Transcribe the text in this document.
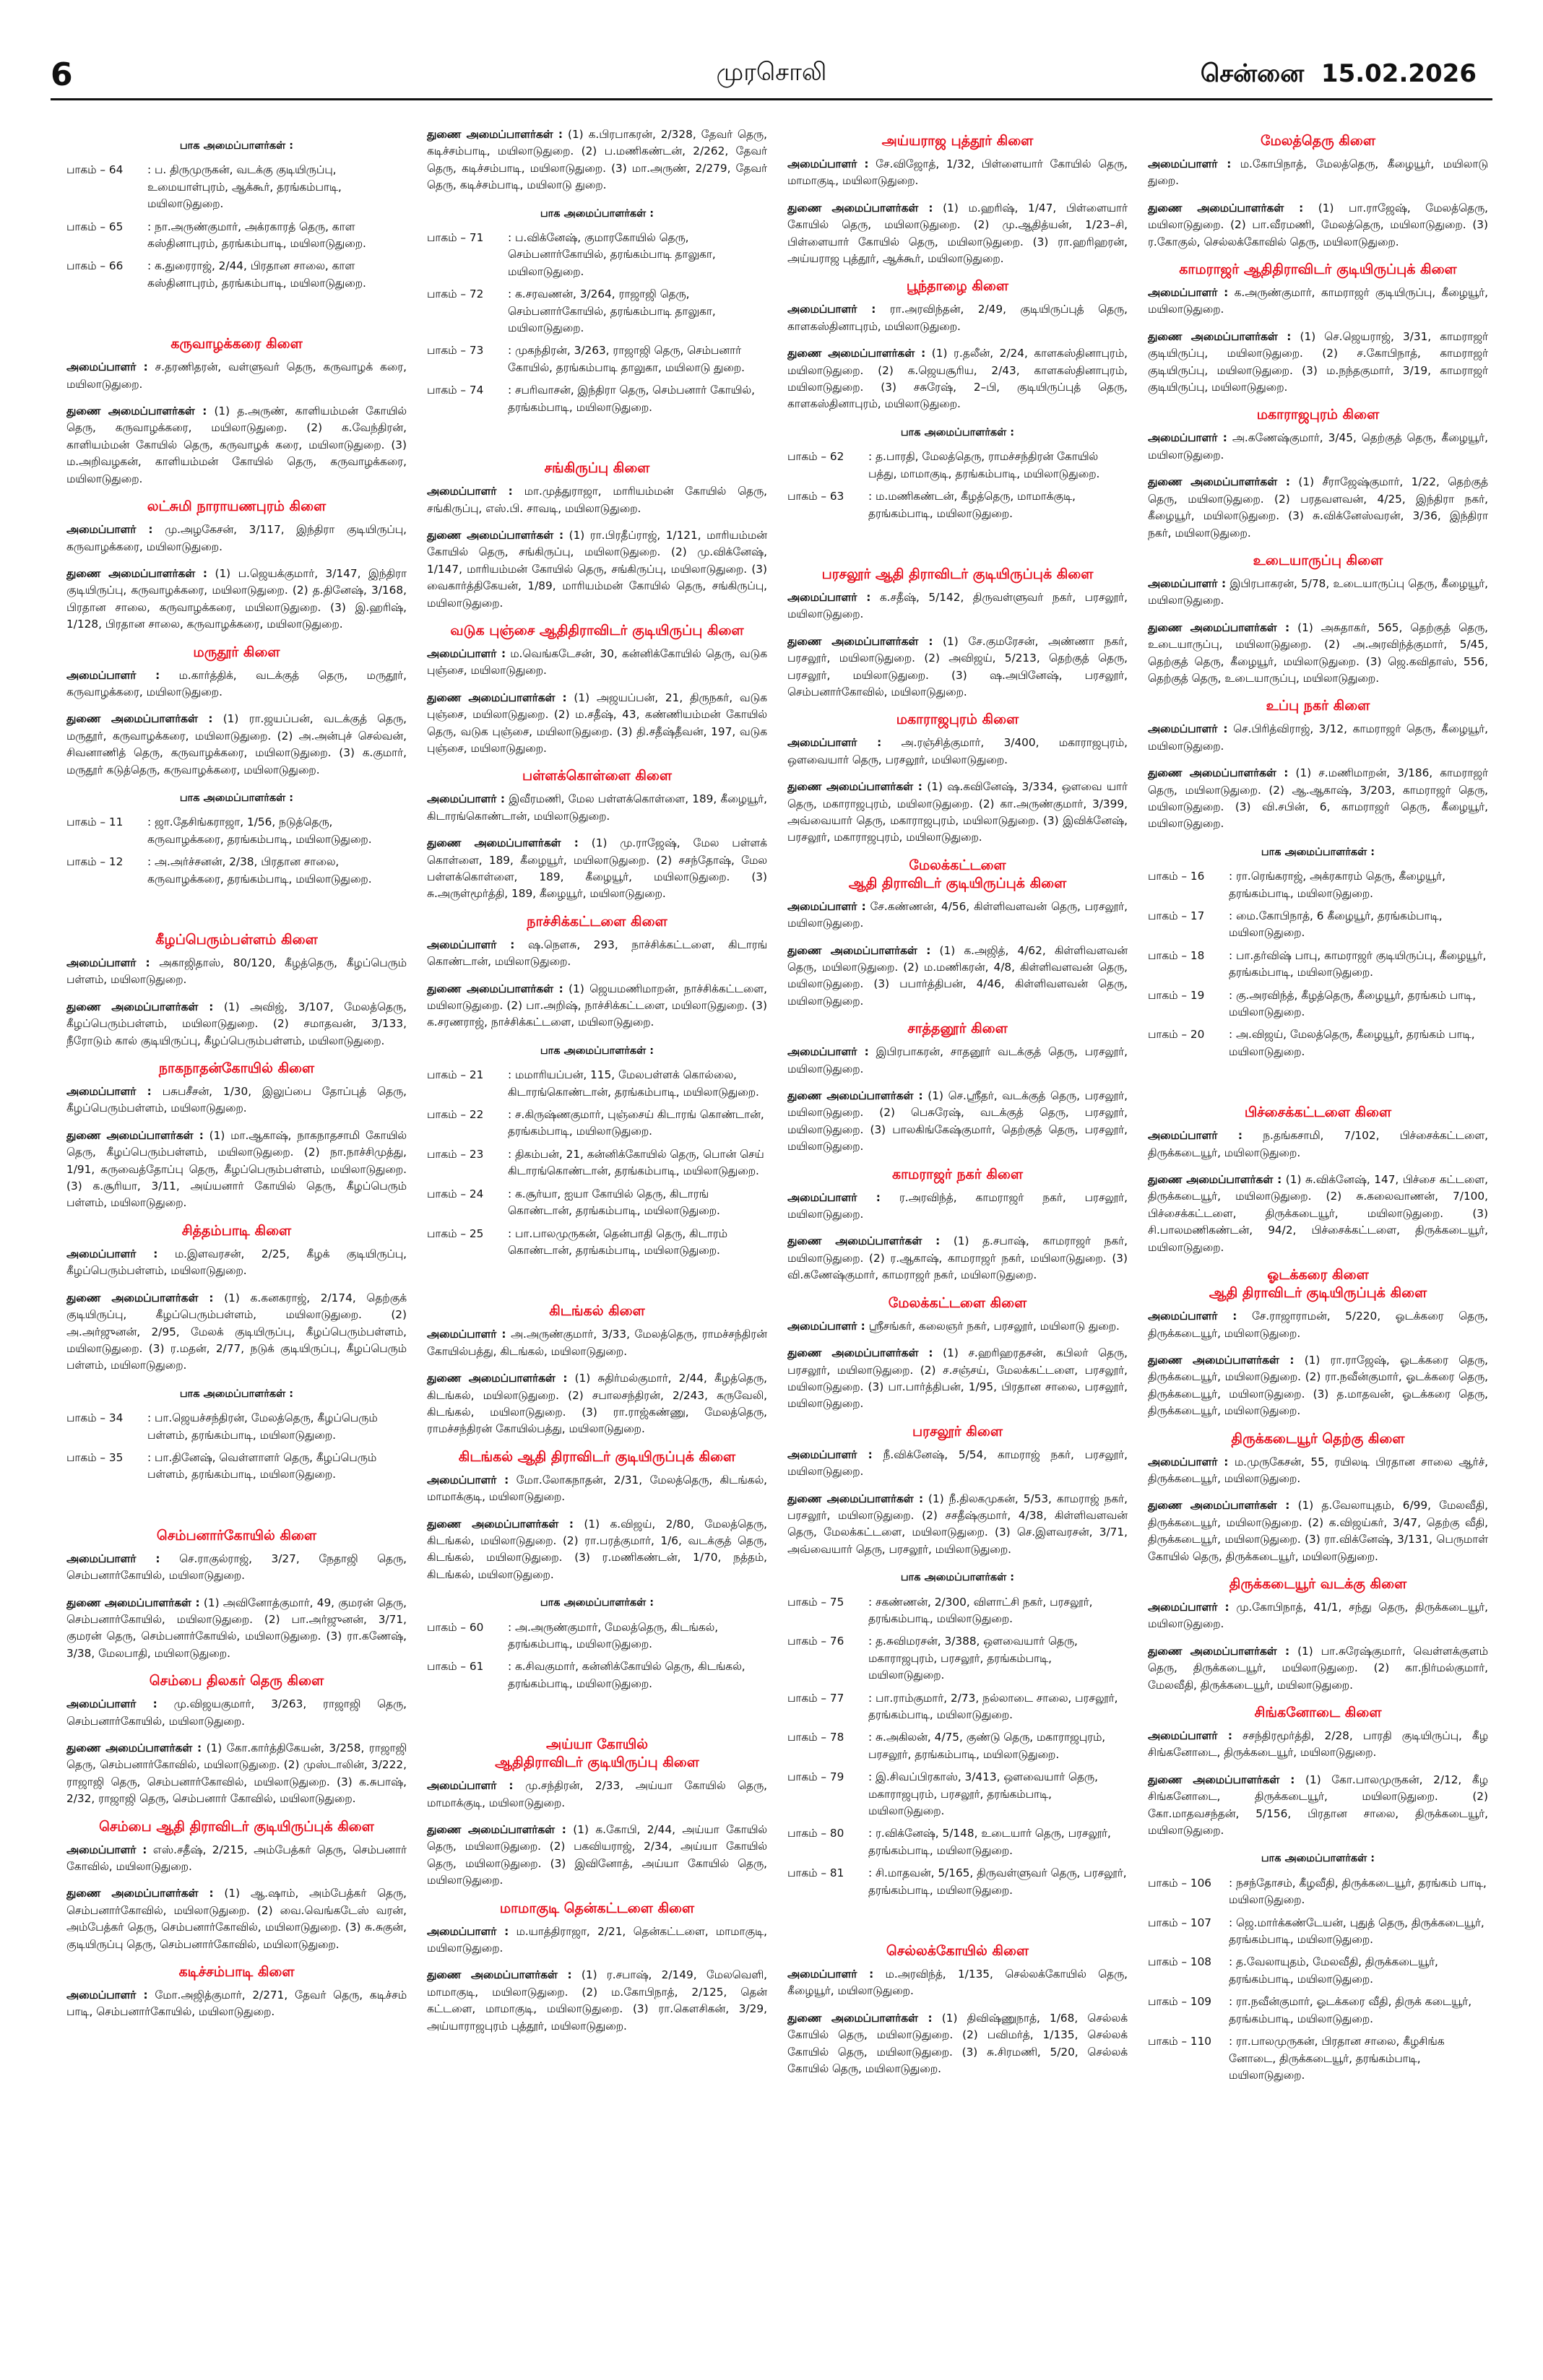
6	முரசொலி	சென்னை 15.02.2026
பாக அமைப்பாளர்கள் :
பாகம் – 64	: ப. திருமுருகன், வடக்கு குடியிருப்பு, உமையாள்புரம், ஆக்கூர், தரங்கம்பாடி, மயிலாடுதுறை.
பாகம் – 65	: நா.அருண்குமார், அக்ரகாரத் தெரு, காள கஸ்தினாபுரம், தரங்கம்பாடி, மயிலாடுதுறை.
பாகம் – 66	: க.துரைராஜ், 2/44, பிரதான சாலை, காள கஸ்தினாபுரம், தரங்கம்பாடி, மயிலாடுதுறை.
கருவாழக்கரை கிளை
அமைப்பாளர் : ச.தரணிதரன், வள்ளுவர் தெரு, கருவாழக் கரை, மயிலாடுதுறை.
துணை அமைப்பாளர்கள் : (1) த.அருண், காளியம்மன் கோயில் தெரு, கருவாழக்கரை, மயிலாடுதுறை. (2) க.வேந்திரன், காளியம்மன் கோயில் தெரு, கருவாழக் கரை, மயிலாடுதுறை. (3) ம.அறிவழகன், காளியம்மன் கோயில் தெரு, கருவாழக்கரை, மயிலாடுதுறை.
லட்சுமி நாராயணபுரம் கிளை
அமைப்பாளர் : மு.அழகேசன், 3/117, இந்திரா குடியிருப்பு, கருவாழக்கரை, மயிலாடுதுறை.
துணை அமைப்பாளர்கள் : (1) ப.ஜெயக்குமார், 3/147, இந்திரா குடியிருப்பு, கருவாழக்கரை, மயிலாடுதுறை. (2) த.தினேஷ், 3/168, பிரதான சாலை, கருவாழக்கரை, மயிலாடுதுறை. (3) இ.ஹரிஷ், 1/128, பிரதான சாலை, கருவாழக்கரை, மயிலாடுதுறை.
மருதூர் கிளை
அமைப்பாளர் : ம.கார்த்திக், வடக்குத் தெரு, மருதூர், கருவாழக்கரை, மயிலாடுதுறை.
துணை அமைப்பாளர்கள் : (1) ரா.ஜயப்பன், வடக்குத் தெரு, மருதூர், கருவாழக்கரை, மயிலாடுதுறை. (2) அ.அன்புச் செல்வன், சிவனாணித் தெரு, கருவாழக்கரை, மயிலாடுதுறை. (3) க.குமார், மருதூர் கடுத்தெரு, கருவாழக்கரை, மயிலாடுதுறை.
பாக அமைப்பாளர்கள் :
பாகம் – 11	: ஜா.தேசிங்கராஜா, 1/56, நடுத்தெரு, கருவாழக்கரை, தரங்கம்பாடி, மயிலாடுதுறை.
பாகம் – 12	: அ.அர்ச்சனன், 2/38, பிரதான சாலை, கருவாழக்கரை, தரங்கம்பாடி, மயிலாடுதுறை.
கீழப்பெரும்பள்ளம் கிளை
அமைப்பாளர் : அகாஜிதாஸ், 80/120, கீழத்தெரு, கீழப்பெரும் பள்ளம், மயிலாடுதுறை.
துணை அமைப்பாளர்கள் : (1) அவிஜ், 3/107, மேலத்தெரு, கீழப்பெரும்பள்ளம், மயிலாடுதுறை. (2) சமாதவன், 3/133, நீரோடும் கால் குடியிருப்பு, கீழப்பெரும்பள்ளம், மயிலாடுதுறை.
நாகநாதன்கோயில் கிளை
அமைப்பாளர் : பசுபசீசன், 1/30, இலுப்பை தோப்புத் தெரு, கீழப்பெரும்பள்ளம், மயிலாடுதுறை.
துணை அமைப்பாளர்கள் : (1) மா.ஆகாஷ், நாகநாதசாமி கோயில் தெரு, கீழப்பெரும்பள்ளம், மயிலாடுதுறை. (2) நா.நாச்சிமுத்து, 1/91, கருவைத்தோப்பு தெரு, கீழப்பெரும்பள்ளம், மயிலாடுதுறை. (3) க.சூரியா, 3/11, அய்யனார் கோயில் தெரு, கீழப்பெரும் பள்ளம், மயிலாடுதுறை.
சித்தம்பாடி கிளை
அமைப்பாளர் : ம.இளவரசன், 2/25, கீழக் குடியிருப்பு, கீழப்பெரும்பள்ளம், மயிலாடுதுறை.
துணை அமைப்பாளர்கள் : (1) க.கனகராஜ், 2/174, தெற்குக் குடியிருப்பு, கீழப்பெரும்பள்ளம், மயிலாடுதுறை. (2) அ.அர்ஜுனன், 2/95, மேலக் குடியிருப்பு, கீழப்பெரும்பள்ளம், மயிலாடுதுறை. (3) ர.மதன், 2/77, நடுக் குடியிருப்பு, கீழப்பெரும் பள்ளம், மயிலாடுதுறை.
பாக அமைப்பாளர்கள் :
பாகம் – 34	: பா.ஜெயச்சந்திரன், மேலத்தெரு, கீழப்பெரும் பள்ளம், தரங்கம்பாடி, மயிலாடுதுறை.
பாகம் – 35	: பா.தினேஷ், வெள்ளாளர் தெரு, கீழப்பெரும் பள்ளம், தரங்கம்பாடி, மயிலாடுதுறை.
செம்பனார்கோயில் கிளை
அமைப்பாளர் : செ.ராகுல்ராஜ், 3/27, நேதாஜி தெரு, செம்பனார்கோயில், மயிலாடுதுறை.
துணை அமைப்பாளர்கள் : (1) அவினோத்குமார், 49, குமரன் தெரு, செம்பனார்கோயில், மயிலாடுதுறை. (2) பா.அர்ஜுனன், 3/71, குமரன் தெரு, செம்பனார்கோயில், மயிலாடுதுறை. (3) ரா.கணேஷ், 3/38, மேலபாதி, மயிலாடுதுறை.
செம்பை திலகர் தெரு கிளை
அமைப்பாளர் : மு.விஜயகுமார், 3/263, ராஜாஜி தெரு, செம்பனார்கோயில், மயிலாடுதுறை.
துணை அமைப்பாளர்கள் : (1) கோ.கார்த்திகேயன், 3/258, ராஜாஜி தெரு, செம்பனார்கோவில், மயிலாடுதுறை. (2) முஸ்டாலின், 3/222, ராஜாஜி தெரு, செம்பனார்கோவில், மயிலாடுதுறை. (3) க.சுபாஷ், 2/32, ராஜாஜி தெரு, செம்பனார் கோவில், மயிலாடுதுறை.
செம்பை ஆதி திராவிடர் குடியிருப்புக் கிளை
அமைப்பாளர் : எஸ்.சதீஷ், 2/215, அம்பேத்கர் தெரு, செம்பனார் கோவில், மயிலாடுதுறை.
துணை அமைப்பாளர்கள் : (1) ஆ.ஷாம், அம்பேத்கர் தெரு, செம்பனார்கோவில், மயிலாடுதுறை. (2) வை.வெங்கடேஸ் வரன், அம்பேத்கர் தெரு, செம்பனார்கோவில், மயிலாடுதுறை. (3) சு.சுகுன், குடியிருப்பு தெரு, செம்பனார்கோவில், மயிலாடுதுறை.
கடிச்சம்பாடி கிளை
அமைப்பாளர் : மோ.அஜித்குமார், 2/271, தேவர் தெரு, கடிச்சம் பாடி, செம்பனார்கோயில், மயிலாடுதுறை.
துணை அமைப்பாளர்கள் : (1) க.பிரபாகரன், 2/328, தேவர் தெரு, கடிச்சம்பாடி, மயிலாடுதுறை. (2) ப.மணிகண்டன், 2/262, தேவர் தெரு, கடிச்சம்பாடி, மயிலாடுதுறை. (3) மா.அருண், 2/279, தேவர் தெரு, கடிச்சம்பாடி, மயிலாடு துறை.
பாக அமைப்பாளர்கள் :
பாகம் – 71	: ப.விக்னேஷ், குமாரகோயில் தெரு, செம்பனார்கோயில், தரங்கம்பாடி தாலுகா, மயிலாடுதுறை.
பாகம் – 72	: க.சரவணன், 3/264, ராஜாஜி தெரு, செம்பனார்கோயில், தரங்கம்பாடி தாலுகா, மயிலாடுதுறை.
பாகம் – 73	: முகந்திரன், 3/263, ராஜாஜி தெரு, செம்பனார் கோயில், தரங்கம்பாடி தாலுகா, மயிலாடு துறை.
பாகம் – 74	: சபரிவாசன், இந்திரா தெரு, செம்பனார் கோயில், தரங்கம்பாடி, மயிலாடுதுறை.
சங்கிருப்பு கிளை
அமைப்பாளர் : மா.முத்துராஜா, மாரியம்மன் கோயில் தெரு, சங்கிருப்பு, எஸ்.பி. சாவடி, மயிலாடுதுறை.
துணை அமைப்பாளர்கள் : (1) ரா.பிரதீப்ராஜ், 1/121, மாரியம்மன் கோயில் தெரு, சங்கிருப்பு, மயிலாடுதுறை. (2) மு.விக்னேஷ், 1/147, மாரியம்மன் கோயில் தெரு, சங்கிருப்பு, மயிலாடுதுறை. (3) வைகார்த்திகேயன், 1/89, மாரியம்மன் கோயில் தெரு, சங்கிருப்பு, மயிலாடுதுறை.
வடுக புஞ்சை ஆதிதிராவிடர் குடியிருப்பு கிளை
அமைப்பாளர் : ம.வெங்கடேசன், 30, கன்னிக்கோயில் தெரு, வடுக புஞ்சை, மயிலாடுதுறை.
துணை அமைப்பாளர்கள் : (1) அஜயப்பன், 21, திருநகர், வடுக புஞ்சை, மயிலாடுதுறை. (2) ம.சதீஷ், 43, கண்ணியம்மன் கோயில் தெரு, வடுக புஞ்சை, மயிலாடுதுறை. (3) தி.சதீஷ்தீவன், 197, வடுக புஞ்சை, மயிலாடுதுறை.
பள்ளக்கொள்ளை கிளை
அமைப்பாளர் : இவீரமணி, மேல பள்ளக்கொள்ளை, 189, கீழையூர், கிடாரங்கொண்டான், மயிலாடுதுறை.
துணை அமைப்பாளர்கள் : (1) மு.ராஜேஷ், மேல பள்ளக் கொள்ளை, 189, கீழையூர், மயிலாடுதுறை. (2) சசந்தோஷ், மேல பள்ளக்கொள்ளை, 189, கீழையூர், மயிலாடுதுறை. (3) சு.அருள்மூர்த்தி, 189, கீழையூர், மயிலாடுதுறை.
நாச்சிக்கட்டளை கிளை
அமைப்பாளர் : ஷ.நெளசு, 293, நாச்சிக்கட்டளை, கிடாரங் கொண்டான், மயிலாடுதுறை.
துணை அமைப்பாளர்கள் : (1) ஜெயமணிமாறன், நாச்சிக்கட்டளை, மயிலாடுதுறை. (2) பா.அறிஷ், நாச்சிக்கட்டளை, மயிலாடுதுறை. (3) க.சரணராஜ், நாச்சிக்கட்டளை, மயிலாடுதுறை.
பாக அமைப்பாளர்கள் :
பாகம் – 21	: மமாரியப்பன், 115, மேலபள்ளக் கொல்லை, கிடாரங்கொண்டான், தரங்கம்பாடி, மயிலாடுதுறை.
பாகம் – 22	: ச.கிருஷ்ணகுமார், புஞ்சைய் கிடாரங் கொண்டான், தரங்கம்பாடி, மயிலாடுதுறை.
பாகம் – 23	: திகம்பன், 21, கன்னிக்கோயில் தெரு, பொன் செய் கிடாரங்கொண்டான், தரங்கம்பாடி, மயிலாடுதுறை.
பாகம் – 24	: க.சூர்யா, ஐயா கோயில் தெரு, கிடாரங் கொண்டான், தரங்கம்பாடி, மயிலாடுதுறை.
பாகம் – 25	: பா.பாலமுருகன், தென்பாதி தெரு, கிடாரம் கொண்டான், தரங்கம்பாடி, மயிலாடுதுறை.
கிடங்கல் கிளை
அமைப்பாளர் : அ.அருண்குமார், 3/33, மேலத்தெரு, ராமச்சந்திரன் கோயில்பத்து, கிடங்கல், மயிலாடுதுறை.
துணை அமைப்பாளர்கள் : (1) சுதிர்மல்குமார், 2/44, கீழத்தெரு, கிடங்கல், மயிலாடுதுறை. (2) சபாலசந்திரன், 2/243, கருவேலி, கிடங்கல், மயிலாடுதுறை. (3) ரா.ராஜ்கண்ணு, மேலத்தெரு, ராமச்சந்திரன் கோயில்பத்து, மயிலாடுதுறை.
கிடங்கல் ஆதி திராவிடர் குடியிருப்புக் கிளை
அமைப்பாளர் : மோ.லோகநாதன், 2/31, மேலத்தெரு, கிடங்கல், மாமாக்குடி, மயிலாடுதுறை.
துணை அமைப்பாளர்கள் : (1) க.விஜய், 2/80, மேலத்தெரு, கிடங்கல், மயிலாடுதுறை. (2) ரா.பரத்குமார், 1/6, வடக்குத் தெரு, கிடங்கல், மயிலாடுதுறை. (3) ர.மணிகண்டன், 1/70, நத்தம், கிடங்கல், மயிலாடுதுறை.
பாக அமைப்பாளர்கள் :
பாகம் – 60	: அ.அருண்குமார், மேலத்தெரு, கிடங்கல், தரங்கம்பாடி, மயிலாடுதுறை.
பாகம் – 61	: க.சிவகுமார், கன்னிக்கோயில் தெரு, கிடங்கல், தரங்கம்பாடி, மயிலாடுதுறை.
அய்யா கோயில்
ஆதிதிராவிடர் குடியிருப்பு கிளை
அமைப்பாளர் : மு.சந்திரன், 2/33, அய்யா கோயில் தெரு, மாமாக்குடி, மயிலாடுதுறை.
துணை அமைப்பாளர்கள் : (1) க.கோபி, 2/44, அய்யா கோயில் தெரு, மயிலாடுதுறை. (2) பகவியராஜ், 2/34, அய்யா கோயில் தெரு, மயிலாடுதுறை. (3) இவினோத், அய்யா கோயில் தெரு, மயிலாடுதுறை.
மாமாகுடி தென்கட்டளை கிளை
அமைப்பாளர் : ம.யாத்திராஜா, 2/21, தென்கட்டளை, மாமாகுடி, மயிலாடுதுறை.
துணை அமைப்பாளர்கள் : (1) ர.சபாஷ், 2/149, மேலவெளி, மாமாகுடி, மயிலாடுதுறை. (2) ம.கோபிநாத், 2/125, தென் கட்டளை, மாமாகுடி, மயிலாடுதுறை. (3) ரா.கௌசிகன், 3/29, அய்யாராஜபுரம் புத்தூர், மயிலாடுதுறை.
அய்யராஜ புத்தூர் கிளை
அமைப்பாளர் : சே.விஜோத், 1/32, பிள்ளையார் கோயில் தெரு, மாமாகுடி, மயிலாடுதுறை.
துணை அமைப்பாளர்கள் : (1) ம.ஹரிஷ், 1/47, பிள்ளையார் கோயில் தெரு, மயிலாடுதுறை. (2) மு.ஆதித்யன், 1/23–சி, பிள்ளையார் கோயில் தெரு, மயிலாடுதுறை. (3) ரா.ஹரிஹரன், அய்யராஜ புத்தூர், ஆக்கூர், மயிலாடுதுறை.
பூந்தாழை கிளை
அமைப்பாளர் : ரா.அரவிந்தன், 2/49, குடியிருப்புத் தெரு, காளகஸ்தினாபுரம், மயிலாடுதுறை.
துணை அமைப்பாளர்கள் : (1) ர.தலீன், 2/24, காளகஸ்தினாபுரம், மயிலாடுதுறை. (2) க.ஜெயசூரிய, 2/43, காளகஸ்தினாபுரம், மயிலாடுதுறை. (3) சசுரேஷ், 2–பி, குடியிருப்புத் தெரு, காளகஸ்தினாபுரம், மயிலாடுதுறை.
பாக அமைப்பாளர்கள் :
பாகம் – 62	: த.பாரதி, மேலத்தெரு, ராமச்சந்திரன் கோயில் பத்து, மாமாகுடி, தரங்கம்பாடி, மயிலாடுதுறை.
பாகம் – 63	: ம.மணிகண்டன், கீழத்தெரு, மாமாக்குடி, தரங்கம்பாடி, மயிலாடுதுறை.
பரசலூர் ஆதி திராவிடர் குடியிருப்புக் கிளை
அமைப்பாளர் : க.சதீஷ், 5/142, திருவள்ளுவர் நகர், பரசலூர், மயிலாடுதுறை.
துணை அமைப்பாளர்கள் : (1) சே.குமரேசன், அண்ணா நகர், பரசலூர், மயிலாடுதுறை. (2) அவிஜய், 5/213, தெற்குத் தெரு, பரசலூர், மயிலாடுதுறை. (3) ஷ.அபினேஷ், பரசலூர், செம்பனார்கோவில், மயிலாடுதுறை.
மகாராஜபுரம் கிளை
அமைப்பாளர் : அ.ரஞ்சித்குமார், 3/400, மகாராஜபுரம், ஒளவையார் தெரு, பரசலூர், மயிலாடுதுறை.
துணை அமைப்பாளர்கள் : (1) ஷ.கவினேஷ், 3/334, ஒளவை யார் தெரு, மகாராஜபுரம், மயிலாடுதுறை. (2) கா.அருண்குமார், 3/399, அவ்வையார் தெரு, மகாராஜபுரம், மயிலாடுதுறை. (3) இவிக்னேஷ், பரசலூர், மகாராஜபுரம், மயிலாடுதுறை.
மேலக்கட்டளை
ஆதி திராவிடர் குடியிருப்புக் கிளை
அமைப்பாளர் : சே.கண்ணன், 4/56, கிள்ளிவளவன் தெரு, பரசலூர், மயிலாடுதுறை.
துணை அமைப்பாளர்கள் : (1) க.அஜித், 4/62, கிள்ளிவளவன் தெரு, மயிலாடுதுறை. (2) ம.மணிகரன், 4/8, கிள்ளிவளவன் தெரு, மயிலாடுதுறை. (3) பபார்த்திபன், 4/46, கிள்ளிவளவன் தெரு, மயிலாடுதுறை.
சாத்தனூர் கிளை
அமைப்பாளர் : இபிரபாகரன், சாதனூர் வடக்குத் தெரு, பரசலூர், மயிலாடுதுறை.
துணை அமைப்பாளர்கள் : (1) செ.ஸ்ரீதர், வடக்குத் தெரு, பரசலூர், மயிலாடுதுறை. (2) பெசுரேஷ், வடக்குத் தெரு, பரசலூர், மயிலாடுதுறை. (3) பாலகிங்கேஷ்குமார், தெற்குத் தெரு, பரசலூர், மயிலாடுதுறை.
காமராஜர் நகர் கிளை
அமைப்பாளர் : ர.அரவிந்த், காமராஜர் நகர், பரசலூர், மயிலாடுதுறை.
துணை அமைப்பாளர்கள் : (1) த.சபாஷ், காமராஜர் நகர், மயிலாடுதுறை. (2) ர.ஆகாஷ், காமராஜர் நகர், மயிலாடுதுறை. (3) வி.கணேஷ்குமார், காமராஜர் நகர், மயிலாடுதுறை.
மேலக்கட்டளை கிளை
அமைப்பாளர் : ஸ்ரீசங்கர், கலைஞர் நகர், பரசலூர், மயிலாடு துறை.
துணை அமைப்பாளர்கள் : (1) ச.ஹரிஹரதசன், கபிலர் தெரு, பரசலூர், மயிலாடுதுறை. (2) ச.சஞ்சய், மேலக்கட்டளை, பரசலூர், மயிலாடுதுறை. (3) பா.பார்த்திபன், 1/95, பிரதான சாலை, பரசலூர், மயிலாடுதுறை.
பரசலூர் கிளை
அமைப்பாளர் : நீ.விக்னேஷ், 5/54, காமராஜ் நகர், பரசலூர், மயிலாடுதுறை.
துணை அமைப்பாளர்கள் : (1) நீ.திலகமுகன், 5/53, காமராஜ் நகர், பரசலூர், மயிலாடுதுறை. (2) சசதீஷ்குமார், 4/38, கிள்ளிவளவன் தெரு, மேலக்கட்டளை, மயிலாடுதுறை. (3) செ.இளவரசன், 3/71, அவ்வையார் தெரு, பரசலூர், மயிலாடுதுறை.
பாக அமைப்பாளர்கள் :
பாகம் – 75	: சகண்ணன், 2/300, விளாட்சி நகர், பரசலூர், தரங்கம்பாடி, மயிலாடுதுறை.
பாகம் – 76	: த.சுவிமரசன், 3/388, ஒளவையார் தெரு, மகாராஜபுரம், பரசலூர், தரங்கம்பாடி, மயிலாடுதுறை.
பாகம் – 77	: பா.ராம்குமார், 2/73, நல்லாடை சாலை, பரசலூர், தரங்கம்பாடி, மயிலாடுதுறை.
பாகம் – 78	: சு.அகிலன், 4/75, குண்டு தெரு, மகாராஜபுரம், பரசலூர், தரங்கம்பாடி, மயிலாடுதுறை.
பாகம் – 79	: இ.சிவப்பிரகாஸ், 3/413, ஒளவையார் தெரு, மகாராஜபுரம், பரசலூர், தரங்கம்பாடி, மயிலாடுதுறை.
பாகம் – 80	: ர.விக்னேஷ், 5/148, உடையார் தெரு, பரசலூர், தரங்கம்பாடி, மயிலாடுதுறை.
பாகம் – 81	: சி.மாதவன், 5/165, திருவள்ளுவர் தெரு, பரசலூர், தரங்கம்பாடி, மயிலாடுதுறை.
செல்லக்கோயில் கிளை
அமைப்பாளர் : ம.அரவிந்த், 1/135, செல்லக்கோயில் தெரு, கீழையூர், மயிலாடுதுறை.
துணை அமைப்பாளர்கள் : (1) திவிஷ்ணுநாத், 1/68, செல்லக் கோயில் தெரு, மயிலாடுதுறை. (2) பவிமர்த், 1/135, செல்லக் கோயில் தெரு, மயிலாடுதுறை. (3) சு.சிரமணி, 5/20, செல்லக் கோயில் தெரு, மயிலாடுதுறை.
மேலத்தெரு கிளை
அமைப்பாளர் : ம.கோபிநாத், மேலத்தெரு, கீழையூர், மயிலாடு துறை.
துணை அமைப்பாளர்கள் : (1) பா.ராஜேஷ், மேலத்தெரு, மயிலாடுதுறை. (2) பா.வீரமணி, மேலத்தெரு, மயிலாடுதுறை. (3) ர.கோகுல், செல்லக்கோவில் தெரு, மயிலாடுதுறை.
காமராஜர் ஆதிதிராவிடர் குடியிருப்புக் கிளை
அமைப்பாளர் : க.அருண்குமார், காமராஜர் குடியிருப்பு, கீழையூர், மயிலாடுதுறை.
துணை அமைப்பாளர்கள் : (1) செ.ஜெயராஜ், 3/31, காமராஜர் குடியிருப்பு, மயிலாடுதுறை. (2) ச.கோபிநாத், காமராஜர் குடியிருப்பு, மயிலாடுதுறை. (3) ம.நந்தகுமார், 3/19, காமராஜர் குடியிருப்பு, மயிலாடுதுறை.
மகாராஜபுரம் கிளை
அமைப்பாளர் : அ.கணேஷ்குமார், 3/45, தெற்குத் தெரு, கீழையூர், மயிலாடுதுறை.
துணை அமைப்பாளர்கள் : (1) சீராஜேஷ்குமார், 1/22, தெற்குத் தெரு, மயிலாடுதுறை. (2) பரதவளவன், 4/25, இந்திரா நகர், கீழையூர், மயிலாடுதுறை. (3) சு.விக்னேஸ்வரன், 3/36, இந்திரா நகர், மயிலாடுதுறை.
உடையாருப்பு கிளை
அமைப்பாளர் : இபிரபாகரன், 5/78, உடையாருப்பு தெரு, கீழையூர், மயிலாடுதுறை.
துணை அமைப்பாளர்கள் : (1) அசுதாகர், 565, தெற்குத் தெரு, உடையாருப்பு, மயிலாடுதுறை. (2) அ.அரவிந்த்குமார், 5/45, தெற்குத் தெரு, கீழையூர், மயிலாடுதுறை. (3) ஜெ.கவிதாஸ், 556, தெற்குத் தெரு, உடையாருப்பு, மயிலாடுதுறை.
உப்பு நகர் கிளை
அமைப்பாளர் : செ.பிரித்விராஜ், 3/12, காமராஜர் தெரு, கீழையூர், மயிலாடுதுறை.
துணை அமைப்பாளர்கள் : (1) ச.மணிமாறன், 3/186, காமராஜர் தெரு, மயிலாடுதுறை. (2) ஆ.ஆகாஷ், 3/203, காமராஜர் தெரு, மயிலாடுதுறை. (3) வி.சபின், 6, காமராஜர் தெரு, கீழையூர், மயிலாடுதுறை.
பாக அமைப்பாளர்கள் :
பாகம் – 16	: ரா.ரெங்கராஜ், அக்ரகாரம் தெரு, கீழையூர், தரங்கம்பாடி, மயிலாடுதுறை.
பாகம் – 17	: மை.கோபிநாத், 6 கீழையூர், தரங்கம்பாடி, மயிலாடுதுறை.
பாகம் – 18	: பா.தர்விஷ் பாபு, காமராஜர் குடியிருப்பு, கீழையூர், தரங்கம்பாடி, மயிலாடுதுறை.
பாகம் – 19	: கு.அரவிந்த், கீழத்தெரு, கீழையூர், தரங்கம் பாடி, மயிலாடுதுறை.
பாகம் – 20	: அ.விஜய், மேலத்தெரு, கீழையூர், தரங்கம் பாடி, மயிலாடுதுறை.
பிச்சைக்கட்டளை கிளை
அமைப்பாளர் : ந.தங்கசாமி, 7/102, பிச்சைக்கட்டளை, திருக்கடையூர், மயிலாடுதுறை.
துணை அமைப்பாளர்கள் : (1) சு.விக்னேஷ், 147, பிச்சை கட்டளை, திருக்கடையூர், மயிலாடுதுறை. (2) சு.கலைவாணன், 7/100, பிச்சைக்கட்டளை, திருக்கடையூர், மயிலாடுதுறை. (3) சி.பாலமணிகண்டன், 94/2, பிச்சைக்கட்டளை, திருக்கடையூர், மயிலாடுதுறை.
ஓடக்கரை கிளை
ஆதி திராவிடர் குடியிருப்புக் கிளை
அமைப்பாளர் : சே.ராஜாராமன், 5/220, ஓடக்கரை தெரு, திருக்கடையூர், மயிலாடுதுறை.
துணை அமைப்பாளர்கள் : (1) ரா.ராஜேஷ், ஓடக்கரை தெரு, திருக்கடையூர், மயிலாடுதுறை. (2) ரா.நவீன்குமார், ஓடக்கரை தெரு, திருக்கடையூர், மயிலாடுதுறை. (3) த.மாதவன், ஓடக்கரை தெரு, திருக்கடையூர், மயிலாடுதுறை.
திருக்கடையூர் தெற்கு கிளை
அமைப்பாளர் : ம.முருகேசன், 55, ரயிலடி பிரதான சாலை ஆர்ச், திருக்கடையூர், மயிலாடுதுறை.
துணை அமைப்பாளர்கள் : (1) த.வேலாயுதம், 6/99, மேலவீதி, திருக்கடையூர், மயிலாடுதுறை. (2) க.விஜய்கர், 3/47, தெற்கு வீதி, திருக்கடையூர், மயிலாடுதுறை. (3) ரா.விக்னேஷ், 3/131, பெருமாள் கோயில் தெரு, திருக்கடையூர், மயிலாடுதுறை.
திருக்கடையூர் வடக்கு கிளை
அமைப்பாளர் : மு.கோபிநாத், 41/1, சந்து தெரு, திருக்கடையூர், மயிலாடுதுறை.
துணை அமைப்பாளர்கள் : (1) பா.சுரேஷ்குமார், வெள்ளக்குளம் தெரு, திருக்கடையூர், மயிலாடுதுறை. (2) கா.நிர்மல்குமார், மேலவீதி, திருக்கடையூர், மயிலாடுதுறை.
சிங்கனோடை கிளை
அமைப்பாளர் : சசந்திரமூர்த்தி, 2/28, பாரதி குடியிருப்பு, கீழ சிங்கனோடை, திருக்கடையூர், மயிலாடுதுறை.
துணை அமைப்பாளர்கள் : (1) கோ.பாலமுருகன், 2/12, கீழ சிங்கனோடை, திருக்கடையூர், மயிலாடுதுறை. (2) கோ.மாதவசந்தன், 5/156, பிரதான சாலை, திருக்கடையூர், மயிலாடுதுறை.
பாக அமைப்பாளர்கள் :
பாகம் – 106	: நசந்தோசம், கீழவீதி, திருக்கடையூர், தரங்கம் பாடி, மயிலாடுதுறை.
பாகம் – 107	: ஜெ.மார்க்கண்டேயன், புதுத் தெரு, திருக்கடையூர், தரங்கம்பாடி, மயிலாடுதுறை.
பாகம் – 108	: த.வேலாயுதம், மேலவீதி, திருக்கடையூர், தரங்கம்பாடி, மயிலாடுதுறை.
பாகம் – 109	: ரா.நவீன்குமார், ஓடக்கரை வீதி, திருக் கடையூர், தரங்கம்பாடி, மயிலாடுதுறை.
பாகம் – 110	: ரா.பாலமுருகன், பிரதான சாலை, கீழசிங்க னோடை, திருக்கடையூர், தரங்கம்பாடி, மயிலாடுதுறை.
